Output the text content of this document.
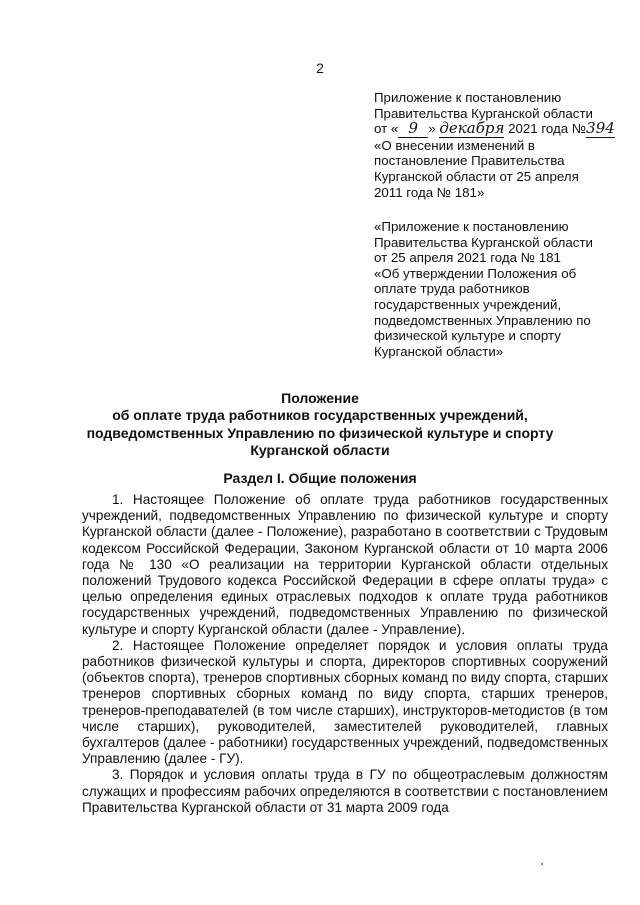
2
Приложение к постановлению
Правительства Курганской области
от « 9 » декабря 2021 года №394
«О внесении изменений в
постановление Правительства
Курганской области от 25 апреля
2011 года № 181»
«Приложение к постановлению
Правительства Курганской области
от 25 апреля 2021 года № 181
«Об утверждении Положения об
оплате труда работников
государственных учреждений,
подведомственных Управлению по
физической культуре и спорту
Курганской области»
Положение
об оплате труда работников государственных учреждений,
подведомственных Управлению по физической культуре и спорту
Курганской области
Раздел I. Общие положения

1. Настоящее Положение об оплате труда работников государственных учреждений, подведомственных Управлению по физической культуре и спорту Курганской области (далее - Положение), разработано в соответствии с Трудовым кодексом Российской Федерации, Законом Курганской области от 10 марта 2006 года № 130 «О реализации на территории Курганской области отдельных положений Трудового кодекса Российской Федерации в сфере оплаты труда» с целью определения единых отраслевых подходов к оплате труда работников государственных учреждений, подведомственных Управлению по физической культуре и спорту Курганской области (далее - Управление).

2. Настоящее Положение определяет порядок и условия оплаты труда работников физической культуры и спорта, директоров спортивных сооружений (объектов спорта), тренеров спортивных сборных команд по виду спорта, старших тренеров спортивных сборных команд по виду спорта, старших тренеров, тренеров-преподавателей (в том числе старших), инструкторов-методистов (в том числе старших), руководителей, заместителей руководителей, главных бухгалтеров (далее - работники) государственных учреждений, подведомственных Управлению (далее - ГУ).

3. Порядок и условия оплаты труда в ГУ по общеотраслевым должностям служащих и профессиям рабочих определяются в соответствии с постановлением Правительства Курганской области от 31 марта 2009 года
